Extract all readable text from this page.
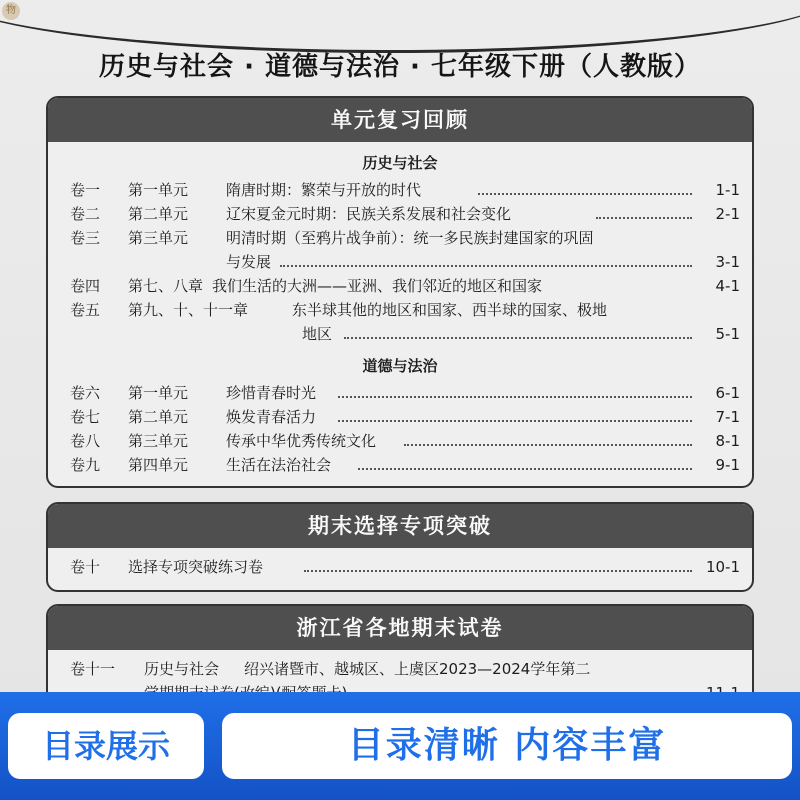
物
历史与社会 · 道德与法治 · 七年级下册（人教版）
单元复习回顾
历史与社会
卷一 第一单元	隋唐时期：繁荣与开放的时代	1-1
卷二 第二单元	辽宋夏金元时期：民族关系发展和社会变化	2-1
卷三 第三单元	明清时期（至鸦片战争前）：统一多民族封建国家的巩固
与发展	3-1
卷四 第七、八章 我们生活的大洲——亚洲、我们邻近的地区和国家	4-1
卷五 第九、十、十一章	东半球其他的地区和国家、西半球的国家、极地
地区	5-1
道德与法治
卷六 第一单元	珍惜青春时光	6-1
卷七 第二单元	焕发青春活力	7-1
卷八 第三单元	传承中华优秀传统文化	8-1
卷九 第四单元	生活在法治社会	9-1
期末选择专项突破
卷十 选择专项突破练习卷	10-1
浙江省各地期末试卷
卷十一 历史与社会 绍兴诸暨市、越城区、上虞区2023—2024学年第二
目录展示	目录清晰 内容丰富
